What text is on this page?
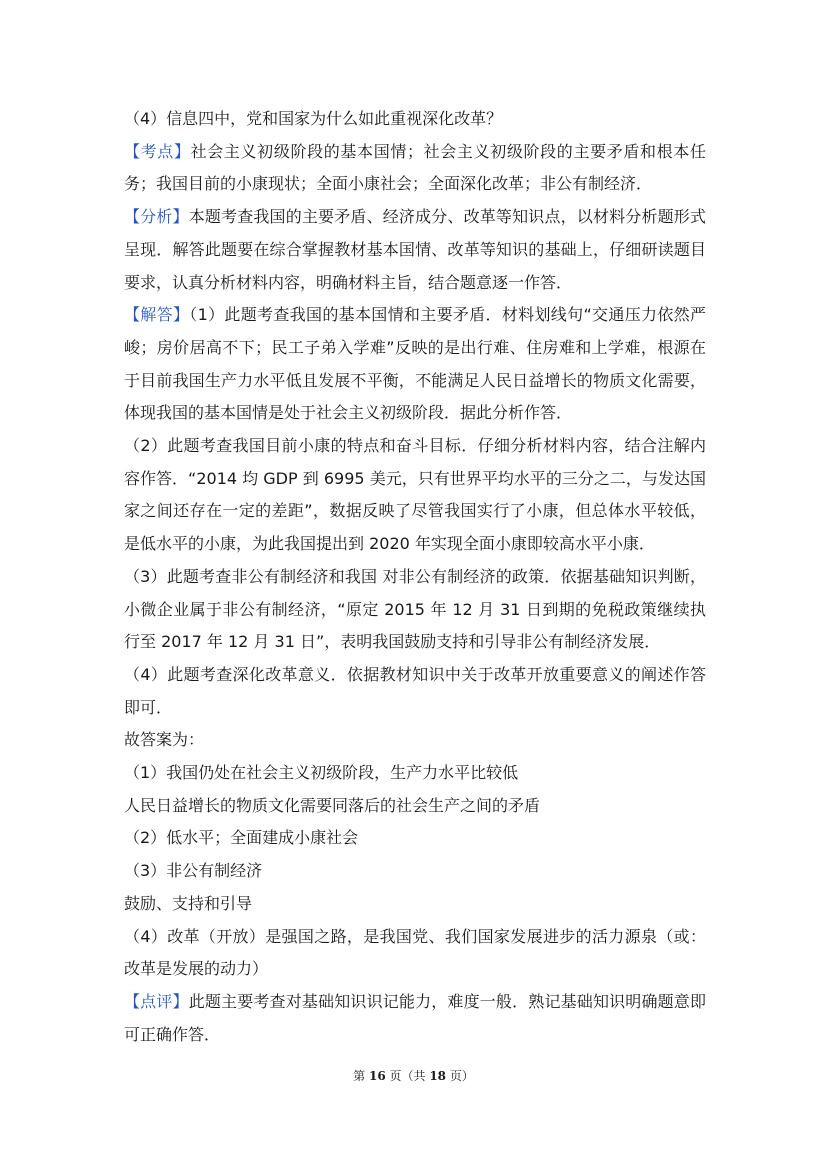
（4）信息四中，党和国家为什么如此重视深化改革？

【考点】社会主义初级阶段的基本国情；社会主义初级阶段的主要矛盾和根本任务；我国目前的小康现状；全面小康社会；全面深化改革；非公有制经济．

【分析】本题考查我国的主要矛盾、经济成分、改革等知识点，以材料分析题形式呈现．解答此题要在综合掌握教材基本国情、改革等知识的基础上，仔细研读题目要求，认真分析材料内容，明确材料主旨，结合题意逐一作答．

【解答】（1）此题考查我国的基本国情和主要矛盾．材料划线句“交通压力依然严峻；房价居高不下；民工子弟入学难”反映的是出行难、住房难和上学难，根源在于目前我国生产力水平低且发展不平衡，不能满足人民日益增长的物质文化需要，体现我国的基本国情是处于社会主义初级阶段．据此分析作答．

（2）此题考查我国目前小康的特点和奋斗目标．仔细分析材料内容，结合注解内容作答．“2014 均 GDP 到 6995 美元，只有世界平均水平的三分之二，与发达国家之间还存在一定的差距”，数据反映了尽管我国实行了小康，但总体水平较低，是低水平的小康，为此我国提出到 2020 年实现全面小康即较高水平小康．

（3）此题考查非公有制经济和我国 对非公有制经济的政策．依据基础知识判断，小微企业属于非公有制经济，“原定 2015 年 12 月 31 日到期的免税政策继续执行至 2017 年 12 月 31 日”，表明我国鼓励支持和引导非公有制经济发展．

（4）此题考查深化改革意义．依据教材知识中关于改革开放重要意义的阐述作答即可．

故答案为：

（1）我国仍处在社会主义初级阶段，生产力水平比较低

人民日益增长的物质文化需要同落后的社会生产之间的矛盾

（2）低水平；全面建成小康社会

（3）非公有制经济

鼓励、支持和引导

（4）改革（开放）是强国之路，是我国党、我们国家发展进步的活力源泉（或：改革是发展的动力）

【点评】此题主要考查对基础知识识记能力，难度一般．熟记基础知识明确题意即可正确作答．

第 16 页（共 18 页）
